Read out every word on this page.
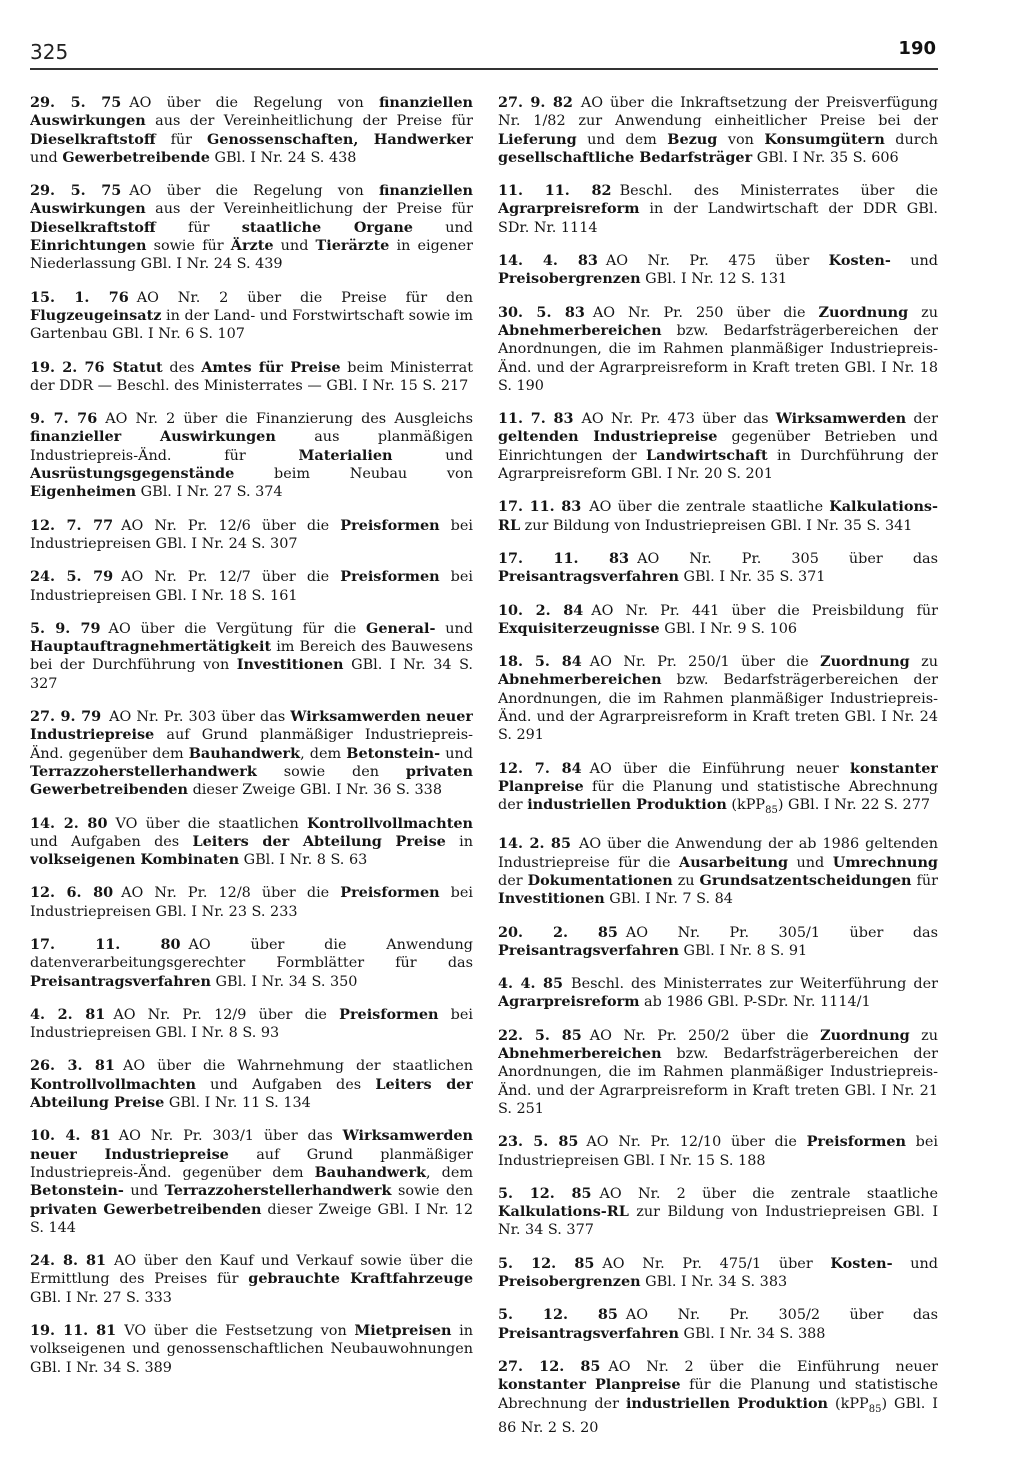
325	190

29. 5. 75 AO über die Regelung von finanziellen Auswirkungen aus der Vereinheitlichung der Preise für Dieselkraftstoff für Genossenschaften, Handwerker und Gewerbetreibende GBl. I Nr. 24 S. 438

29. 5. 75 AO über die Regelung von finanziellen Auswirkungen aus der Vereinheitlichung der Preise für Dieselkraftstoff für staatliche Organe und Einrichtungen sowie für Ärzte und Tierärzte in eigener Niederlassung GBl. I Nr. 24 S. 439

15. 1. 76 AO Nr. 2 über die Preise für den Flugzeugeinsatz in der Land- und Forstwirtschaft sowie im Gartenbau GBl. I Nr. 6 S. 107

19. 2. 76 Statut des Amtes für Preise beim Ministerrat der DDR — Beschl. des Ministerrates — GBl. I Nr. 15 S. 217

9. 7. 76 AO Nr. 2 über die Finanzierung des Ausgleichs finanzieller Auswirkungen aus planmäßigen Industriepreis-Änd. für Materialien und Ausrüstungsgegenstände beim Neubau von Eigenheimen GBl. I Nr. 27 S. 374

12. 7. 77 AO Nr. Pr. 12/6 über die Preisformen bei Industriepreisen GBl. I Nr. 24 S. 307

24. 5. 79 AO Nr. Pr. 12/7 über die Preisformen bei Industriepreisen GBl. I Nr. 18 S. 161

5. 9. 79 AO über die Vergütung für die General- und Hauptauftragnehmertätigkeit im Bereich des Bauwesens bei der Durchführung von Investitionen GBl. I Nr. 34 S. 327

27. 9. 79 AO Nr. Pr. 303 über das Wirksamwerden neuer Industriepreise auf Grund planmäßiger Industriepreis-Änd. gegenüber dem Bauhandwerk, dem Betonstein- und Terrazzoherstellerhandwerk sowie den privaten Gewerbetreibenden dieser Zweige GBl. I Nr. 36 S. 338

14. 2. 80 VO über die staatlichen Kontrollvollmachten und Aufgaben des Leiters der Abteilung Preise in volkseigenen Kombinaten GBl. I Nr. 8 S. 63

12. 6. 80 AO Nr. Pr. 12/8 über die Preisformen bei Industriepreisen GBl. I Nr. 23 S. 233

17. 11. 80 AO über die Anwendung datenverarbeitungsgerechter Formblätter für das Preisantragsverfahren GBl. I Nr. 34 S. 350

4. 2. 81 AO Nr. Pr. 12/9 über die Preisformen bei Industriepreisen GBl. I Nr. 8 S. 93

26. 3. 81 AO über die Wahrnehmung der staatlichen Kontrollvollmachten und Aufgaben des Leiters der Abteilung Preise GBl. I Nr. 11 S. 134

10. 4. 81 AO Nr. Pr. 303/1 über das Wirksamwerden neuer Industriepreise auf Grund planmäßiger Industriepreis-Änd. gegenüber dem Bauhandwerk, dem Betonstein- und Terrazzoherstellerhandwerk sowie den privaten Gewerbetreibenden dieser Zweige GBl. I Nr. 12 S. 144

24. 8. 81 AO über den Kauf und Verkauf sowie über die Ermittlung des Preises für gebrauchte Kraftfahrzeuge GBl. I Nr. 27 S. 333

19. 11. 81 VO über die Festsetzung von Mietpreisen in volkseigenen und genossenschaftlichen Neubauwohnungen GBl. I Nr. 34 S. 389

27. 9. 82 AO über die Inkraftsetzung der Preisverfügung Nr. 1/82 zur Anwendung einheitlicher Preise bei der Lieferung und dem Bezug von Konsumgütern durch gesellschaftliche Bedarfsträger GBl. I Nr. 35 S. 606

11. 11. 82 Beschl. des Ministerrates über die Agrarpreisreform in der Landwirtschaft der DDR GBl. SDr. Nr. 1114

14. 4. 83 AO Nr. Pr. 475 über Kosten- und Preisobergrenzen GBl. I Nr. 12 S. 131

30. 5. 83 AO Nr. Pr. 250 über die Zuordnung zu Abnehmerbereichen bzw. Bedarfsträgerbereichen der Anordnungen, die im Rahmen planmäßiger Industriepreis-Änd. und der Agrarpreisreform in Kraft treten GBl. I Nr. 18 S. 190

11. 7. 83 AO Nr. Pr. 473 über das Wirksamwerden der geltenden Industriepreise gegenüber Betrieben und Einrichtungen der Landwirtschaft in Durchführung der Agrarpreisreform GBl. I Nr. 20 S. 201

17. 11. 83 AO über die zentrale staatliche Kalkulations-RL zur Bildung von Industriepreisen GBl. I Nr. 35 S. 341

17. 11. 83 AO Nr. Pr. 305 über das Preisantragsverfahren GBl. I Nr. 35 S. 371

10. 2. 84 AO Nr. Pr. 441 über die Preisbildung für Exquisiterzeugnisse GBl. I Nr. 9 S. 106

18. 5. 84 AO Nr. Pr. 250/1 über die Zuordnung zu Abnehmerbereichen bzw. Bedarfsträgerbereichen der Anordnungen, die im Rahmen planmäßiger Industriepreis-Änd. und der Agrarpreisreform in Kraft treten GBl. I Nr. 24 S. 291

12. 7. 84 AO über die Einführung neuer konstanter Planpreise für die Planung und statistische Abrechnung der industriellen Produktion (kPP$_{85}$) GBl. I Nr. 22 S. 277

14. 2. 85 AO über die Anwendung der ab 1986 geltenden Industriepreise für die Ausarbeitung und Umrechnung der Dokumentationen zu Grundsatzentscheidungen für Investitionen GBl. I Nr. 7 S. 84

20. 2. 85 AO Nr. Pr. 305/1 über das Preisantragsverfahren GBl. I Nr. 8 S. 91

4. 4. 85 Beschl. des Ministerrates zur Weiterführung der Agrarpreisreform ab 1986 GBl. P-SDr. Nr. 1114/1

22. 5. 85 AO Nr. Pr. 250/2 über die Zuordnung zu Abnehmerbereichen bzw. Bedarfsträgerbereichen der Anordnungen, die im Rahmen planmäßiger Industriepreis-Änd. und der Agrarpreisreform in Kraft treten GBl. I Nr. 21 S. 251

23. 5. 85 AO Nr. Pr. 12/10 über die Preisformen bei Industriepreisen GBl. I Nr. 15 S. 188

5. 12. 85 AO Nr. 2 über die zentrale staatliche Kalkulations-RL zur Bildung von Industriepreisen GBl. I Nr. 34 S. 377

5. 12. 85 AO Nr. Pr. 475/1 über Kosten- und Preisobergrenzen GBl. I Nr. 34 S. 383

5. 12. 85 AO Nr. Pr. 305/2 über das Preisantragsverfahren GBl. I Nr. 34 S. 388

27. 12. 85 AO Nr. 2 über die Einführung neuer konstanter Planpreise für die Planung und statistische Abrechnung der industriellen Produktion (kPP$_{85}$) GBl. I 86 Nr. 2 S. 20
